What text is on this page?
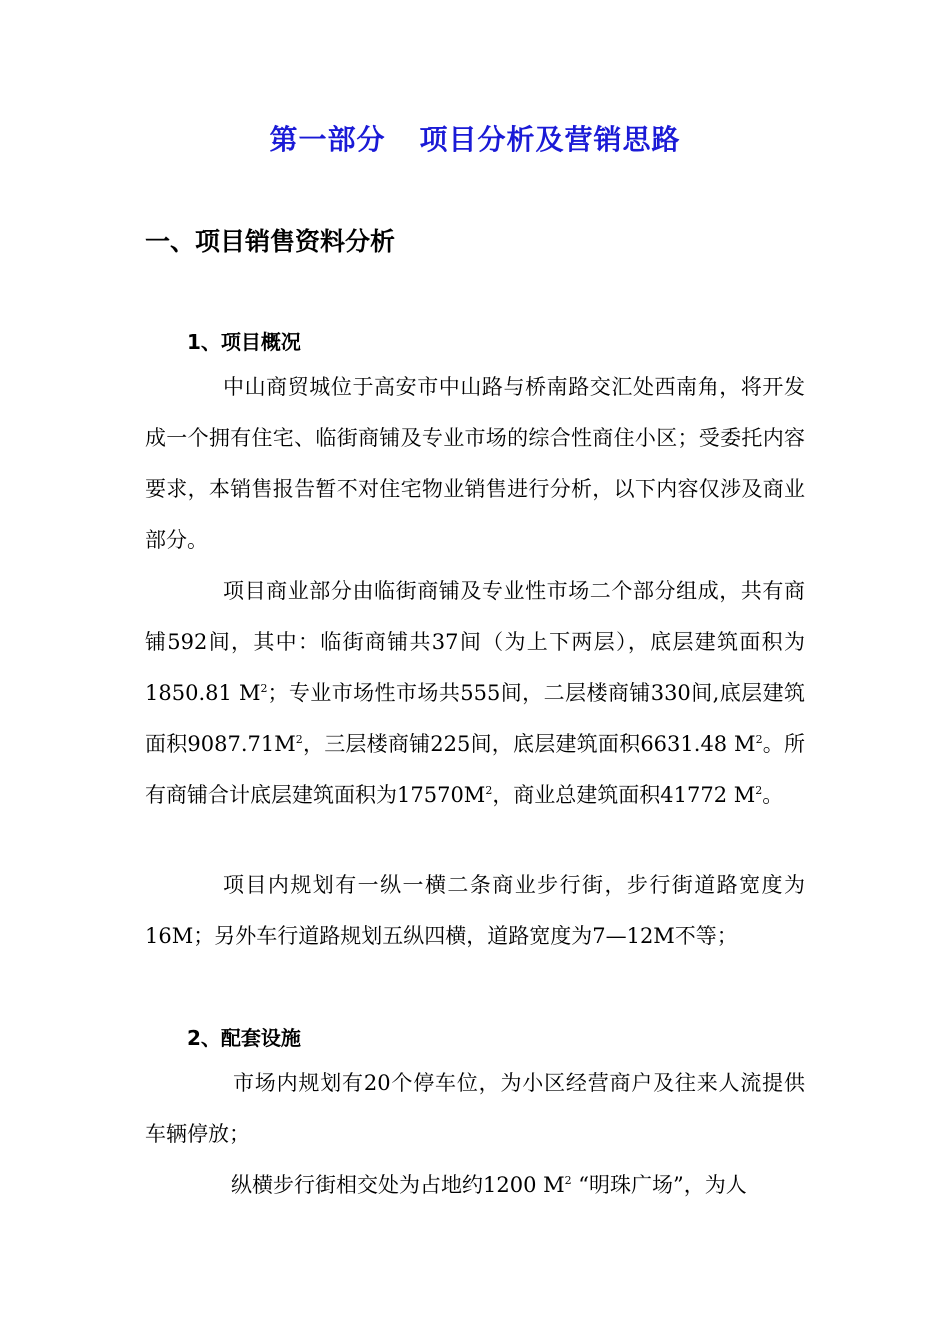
第一部分 项目分析及营销思路
一、项目销售资料分析
1、项目概况

中山商贸城位于高安市中山路与桥南路交汇处西南角，将开发成一个拥有住宅、临街商铺及专业市场的综合性商住小区；受委托内容要求，本销售报告暂不对住宅物业销售进行分析，以下内容仅涉及商业部分。

项目商业部分由临街商铺及专业性市场二个部分组成，共有商铺592间，其中：临街商铺共37间（为上下两层），底层建筑面积为1850.81 $M^2$；专业市场性市场共555间，二层楼商铺330间,底层建筑面积$9087.71M^2$，三层楼商铺225间，底层建筑面积6631.48 $M^2$。所有商铺合计底层建筑面积为$17570M^2$，商业总建筑面积41772 $M^2$。

项目内规划有一纵一横二条商业步行街，步行街道路宽度为16M；另外车行道路规划五纵四横，道路宽度为7—12M不等；

2、配套设施

市场内规划有20个停车位，为小区经营商户及往来人流提供车辆停放；

纵横步行街相交处为占地约1200 $M^2$ “明珠广场”，为人
